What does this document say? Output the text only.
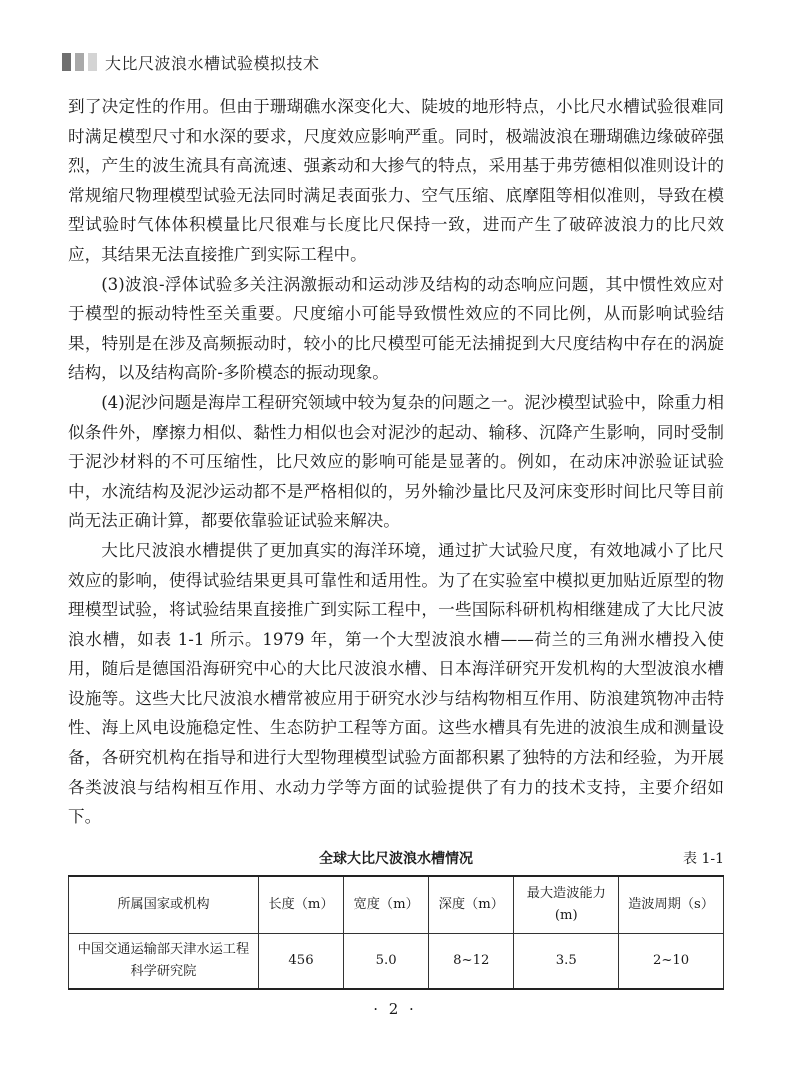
大比尺波浪水槽试验模拟技术

到了决定性的作用。但由于珊瑚礁水深变化大、陡坡的地形特点，小比尺水槽试验很难同时满足模型尺寸和水深的要求，尺度效应影响严重。同时，极端波浪在珊瑚礁边缘破碎强烈，产生的波生流具有高流速、强紊动和大掺气的特点，采用基于弗劳德相似准则设计的常规缩尺物理模型试验无法同时满足表面张力、空气压缩、底摩阻等相似准则，导致在模型试验时气体体积模量比尺很难与长度比尺保持一致，进而产生了破碎波浪力的比尺效应，其结果无法直接推广到实际工程中。

(3)波浪-浮体试验多关注涡激振动和运动涉及结构的动态响应问题，其中惯性效应对于模型的振动特性至关重要。尺度缩小可能导致惯性效应的不同比例，从而影响试验结果，特别是在涉及高频振动时，较小的比尺模型可能无法捕捉到大尺度结构中存在的涡旋结构，以及结构高阶-多阶模态的振动现象。

(4)泥沙问题是海岸工程研究领域中较为复杂的问题之一。泥沙模型试验中，除重力相似条件外，摩擦力相似、黏性力相似也会对泥沙的起动、输移、沉降产生影响，同时受制于泥沙材料的不可压缩性，比尺效应的影响可能是显著的。例如，在动床冲淤验证试验中，水流结构及泥沙运动都不是严格相似的，另外输沙量比尺及河床变形时间比尺等目前尚无法正确计算，都要依靠验证试验来解决。

大比尺波浪水槽提供了更加真实的海洋环境，通过扩大试验尺度，有效地减小了比尺效应的影响，使得试验结果更具可靠性和适用性。为了在实验室中模拟更加贴近原型的物理模型试验，将试验结果直接推广到实际工程中，一些国际科研机构相继建成了大比尺波浪水槽，如表 1-1 所示。1979 年，第一个大型波浪水槽——荷兰的三角洲水槽投入使用，随后是德国沿海研究中心的大比尺波浪水槽、日本海洋研究开发机构的大型波浪水槽设施等。这些大比尺波浪水槽常被应用于研究水沙与结构物相互作用、防浪建筑物冲击特性、海上风电设施稳定性、生态防护工程等方面。这些水槽具有先进的波浪生成和测量设备，各研究机构在指导和进行大型物理模型试验方面都积累了独特的方法和经验，为开展各类波浪与结构相互作用、水动力学等方面的试验提供了有力的技术支持，主要介绍如下。

全球大比尺波浪水槽情况	表 1-1
所属国家或机构	长度（m）	宽度（m）	深度（m）	最大造波能力(m)	造波周期（s）
中国交通运输部天津水运工程科学研究院	456	5.0	8~12	3.5	2~10
· 2 ·
